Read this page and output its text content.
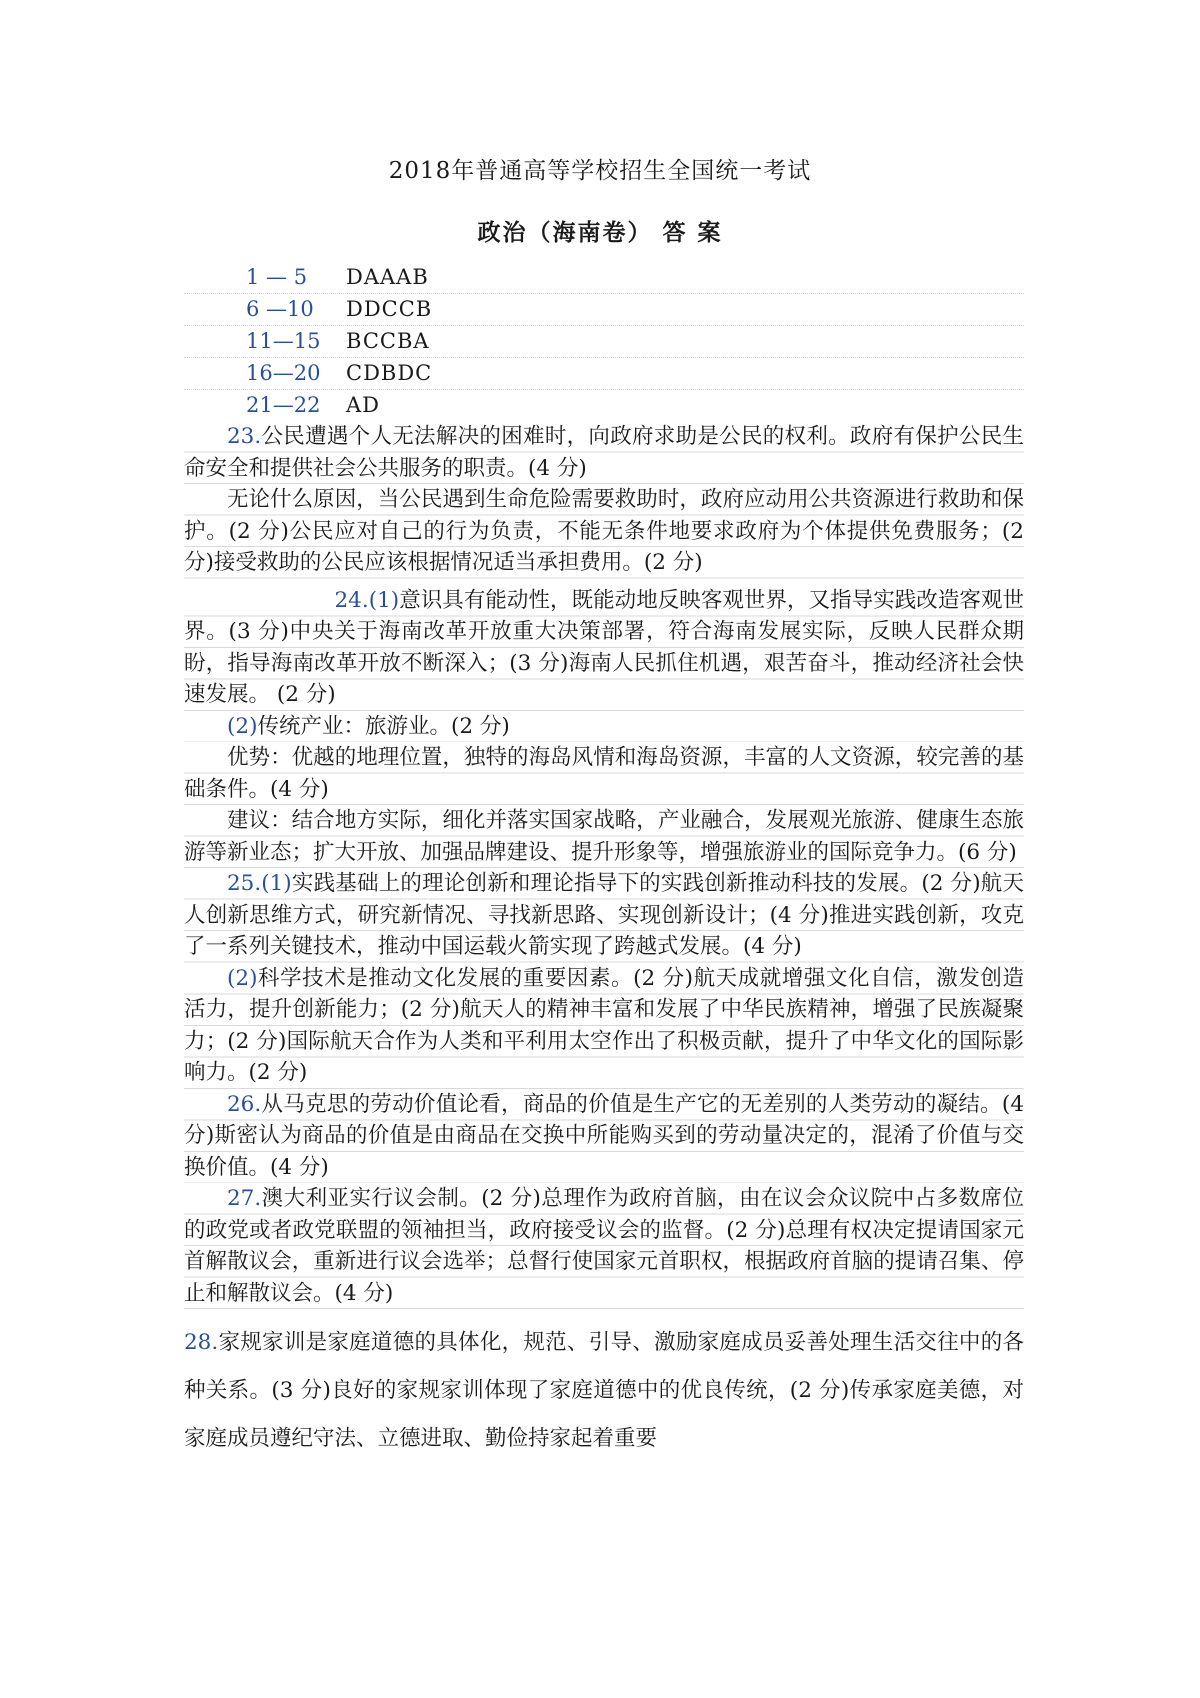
2018年普通高等学校招生全国统一考试
政治（海南卷） 答 案
1 — 5 DAAAB
6 —10 DDCCB
11—15 BCCBA
16—20 CDBDC
21—22 AD

23.公民遭遇个人无法解决的困难时，向政府求助是公民的权利。政府有保护公民生命安全和提供社会公共服务的职责。(4 分)

无论什么原因，当公民遇到生命危险需要救助时，政府应动用公共资源进行救助和保护。(2 分)公民应对自己的行为负责，不能无条件地要求政府为个体提供免费服务；(2 分)接受救助的公民应该根据情况适当承担费用。(2 分)

24.(1)意识具有能动性，既能动地反映客观世界，又指导实践改造客观世界。(3 分)中央关于海南改革开放重大决策部署，符合海南发展实际，反映人民群众期盼，指导海南改革开放不断深入；(3 分)海南人民抓住机遇，艰苦奋斗，推动经济社会快速发展。 (2 分)

(2)传统产业：旅游业。(2 分)

优势：优越的地理位置，独特的海岛风情和海岛资源，丰富的人文资源，较完善的基础条件。(4 分)

建议：结合地方实际，细化并落实国家战略，产业融合，发展观光旅游、健康生态旅游等新业态；扩大开放、加强品牌建设、提升形象等，增强旅游业的国际竞争力。(6 分)

25.(1)实践基础上的理论创新和理论指导下的实践创新推动科技的发展。(2 分)航天人创新思维方式，研究新情况、寻找新思路、实现创新设计；(4 分)推进实践创新，攻克了一系列关键技术，推动中国运载火箭实现了跨越式发展。(4 分)

(2)科学技术是推动文化发展的重要因素。(2 分)航天成就增强文化自信，激发创造活力，提升创新能力；(2 分)航天人的精神丰富和发展了中华民族精神，增强了民族凝聚力；(2 分)国际航天合作为人类和平利用太空作出了积极贡献，提升了中华文化的国际影响力。(2 分)

26.从马克思的劳动价值论看，商品的价值是生产它的无差别的人类劳动的凝结。(4 分)斯密认为商品的价值是由商品在交换中所能购买到的劳动量决定的，混淆了价值与交换价值。(4 分)

27.澳大利亚实行议会制。(2 分)总理作为政府首脑，由在议会众议院中占多数席位的政党或者政党联盟的领袖担当，政府接受议会的监督。(2 分)总理有权决定提请国家元首解散议会，重新进行议会选举；总督行使国家元首职权，根据政府首脑的提请召集、停止和解散议会。(4 分)

28.家规家训是家庭道德的具体化，规范、引导、激励家庭成员妥善处理生活交往中的各种关系。(3 分)良好的家规家训体现了家庭道德中的优良传统，(2 分)传承家庭美德，对家庭成员遵纪守法、立德进取、勤俭持家起着重要
